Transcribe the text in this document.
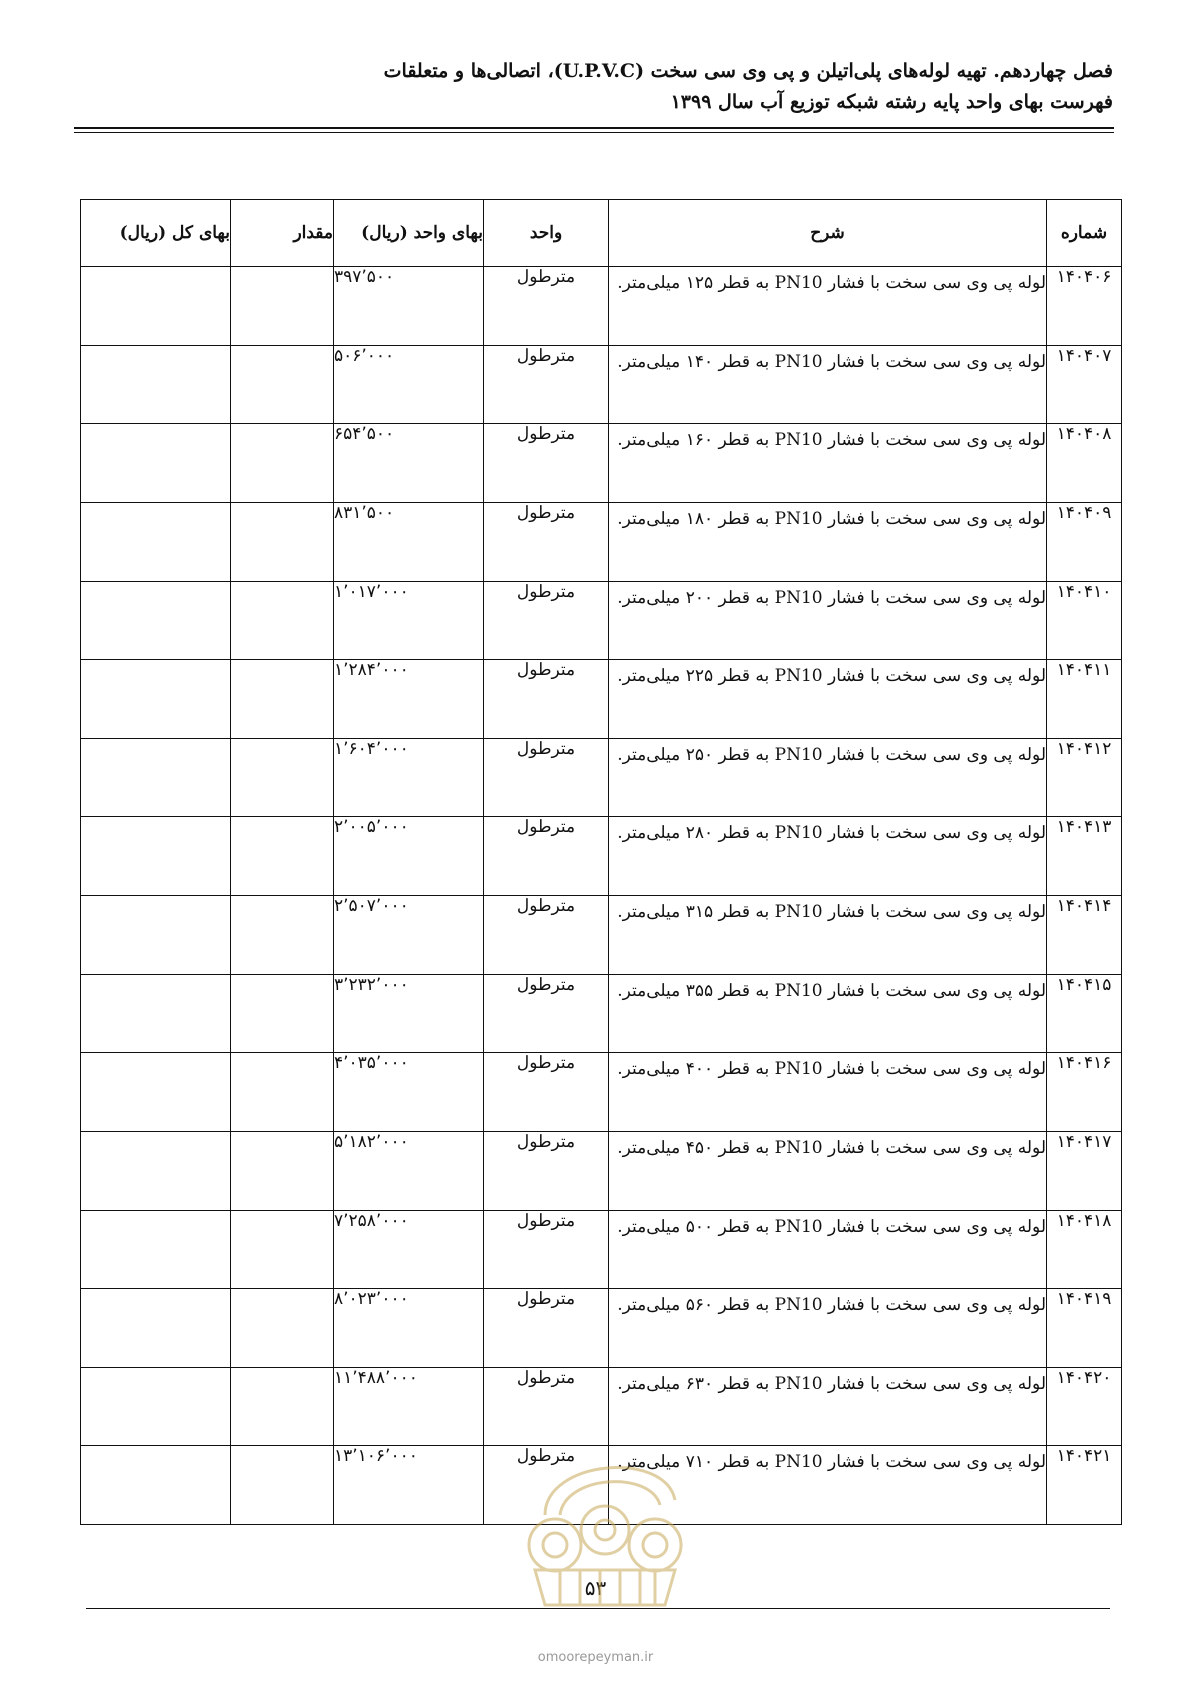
فصل چهاردهم. تهیه لوله‌های پلی‌اتیلن و پی وی سی سخت (U.P.V.C)، اتصالی‌ها و متعلقات
فهرست بهای واحد پایه رشته شبکه توزیع آب سال ۱۳۹۹
شماره	شرح	واحد	بهای واحد (ریال)	مقدار	بهای کل (ریال)
۱۴۰۴۰۶	لوله پی وی سی سخت با فشار PN10 به قطر ۱۲۵ میلی‌متر.	مترطول	۳۹۷٬۵۰۰		
۱۴۰۴۰۷	لوله پی وی سی سخت با فشار PN10 به قطر ۱۴۰ میلی‌متر.	مترطول	۵۰۶٬۰۰۰		
۱۴۰۴۰۸	لوله پی وی سی سخت با فشار PN10 به قطر ۱۶۰ میلی‌متر.	مترطول	۶۵۴٬۵۰۰		
۱۴۰۴۰۹	لوله پی وی سی سخت با فشار PN10 به قطر ۱۸۰ میلی‌متر.	مترطول	۸۳۱٬۵۰۰		
۱۴۰۴۱۰	لوله پی وی سی سخت با فشار PN10 به قطر ۲۰۰ میلی‌متر.	مترطول	۱٬۰۱۷٬۰۰۰		
۱۴۰۴۱۱	لوله پی وی سی سخت با فشار PN10 به قطر ۲۲۵ میلی‌متر.	مترطول	۱٬۲۸۴٬۰۰۰		
۱۴۰۴۱۲	لوله پی وی سی سخت با فشار PN10 به قطر ۲۵۰ میلی‌متر.	مترطول	۱٬۶۰۴٬۰۰۰		
۱۴۰۴۱۳	لوله پی وی سی سخت با فشار PN10 به قطر ۲۸۰ میلی‌متر.	مترطول	۲٬۰۰۵٬۰۰۰		
۱۴۰۴۱۴	لوله پی وی سی سخت با فشار PN10 به قطر ۳۱۵ میلی‌متر.	مترطول	۲٬۵۰۷٬۰۰۰		
۱۴۰۴۱۵	لوله پی وی سی سخت با فشار PN10 به قطر ۳۵۵ میلی‌متر.	مترطول	۳٬۲۳۲٬۰۰۰		
۱۴۰۴۱۶	لوله پی وی سی سخت با فشار PN10 به قطر ۴۰۰ میلی‌متر.	مترطول	۴٬۰۳۵٬۰۰۰		
۱۴۰۴۱۷	لوله پی وی سی سخت با فشار PN10 به قطر ۴۵۰ میلی‌متر.	مترطول	۵٬۱۸۲٬۰۰۰		
۱۴۰۴۱۸	لوله پی وی سی سخت با فشار PN10 به قطر ۵۰۰ میلی‌متر.	مترطول	۷٬۲۵۸٬۰۰۰		
۱۴۰۴۱۹	لوله پی وی سی سخت با فشار PN10 به قطر ۵۶۰ میلی‌متر.	مترطول	۸٬۰۲۳٬۰۰۰		
۱۴۰۴۲۰	لوله پی وی سی سخت با فشار PN10 به قطر ۶۳۰ میلی‌متر.	مترطول	۱۱٬۴۸۸٬۰۰۰		
۱۴۰۴۲۱	لوله پی وی سی سخت با فشار PN10 به قطر ۷۱۰ میلی‌متر.	مترطول	۱۳٬۱۰۶٬۰۰۰		
۵۳
omoorepeyman.ir
